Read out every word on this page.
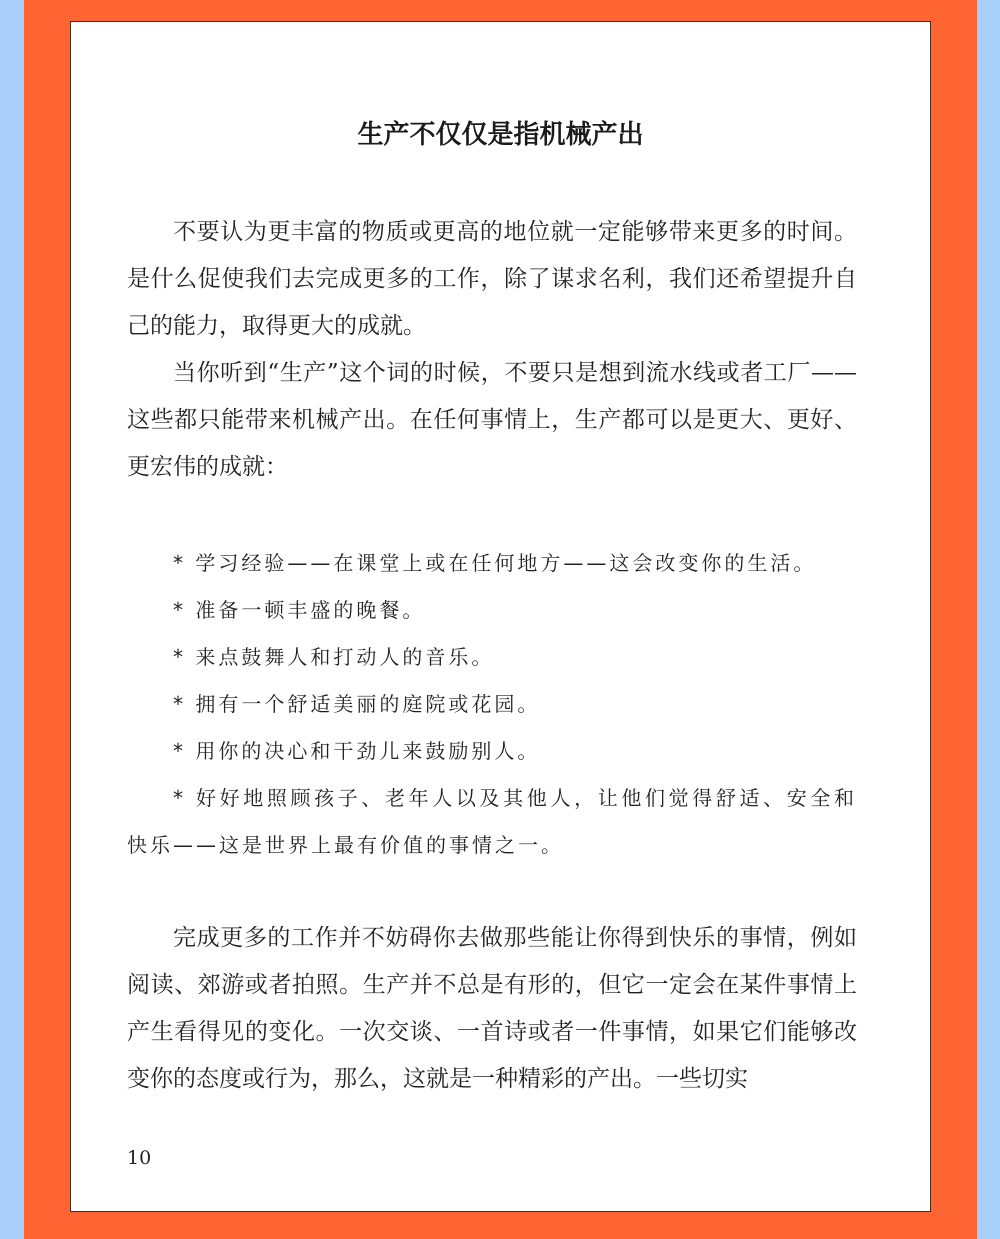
生产不仅仅是指机械产出

不要认为更丰富的物质或更高的地位就一定能够带来更多的时间。是什么促使我们去完成更多的工作，除了谋求名利，我们还希望提升自己的能力，取得更大的成就。

当你听到“生产”这个词的时候，不要只是想到流水线或者工厂——这些都只能带来机械产出。在任何事情上，生产都可以是更大、更好、更宏伟的成就：

* 学习经验——在课堂上或在任何地方——这会改变你的生活。

* 准备一顿丰盛的晚餐。

* 来点鼓舞人和打动人的音乐。

* 拥有一个舒适美丽的庭院或花园。

* 用你的决心和干劲儿来鼓励别人。

* 好好地照顾孩子、老年人以及其他人，让他们觉得舒适、安全和快乐——这是世界上最有价值的事情之一。

完成更多的工作并不妨碍你去做那些能让你得到快乐的事情，例如阅读、郊游或者拍照。生产并不总是有形的，但它一定会在某件事情上产生看得见的变化。一次交谈、一首诗或者一件事情，如果它们能够改变你的态度或行为，那么，这就是一种精彩的产出。一些切实

10
